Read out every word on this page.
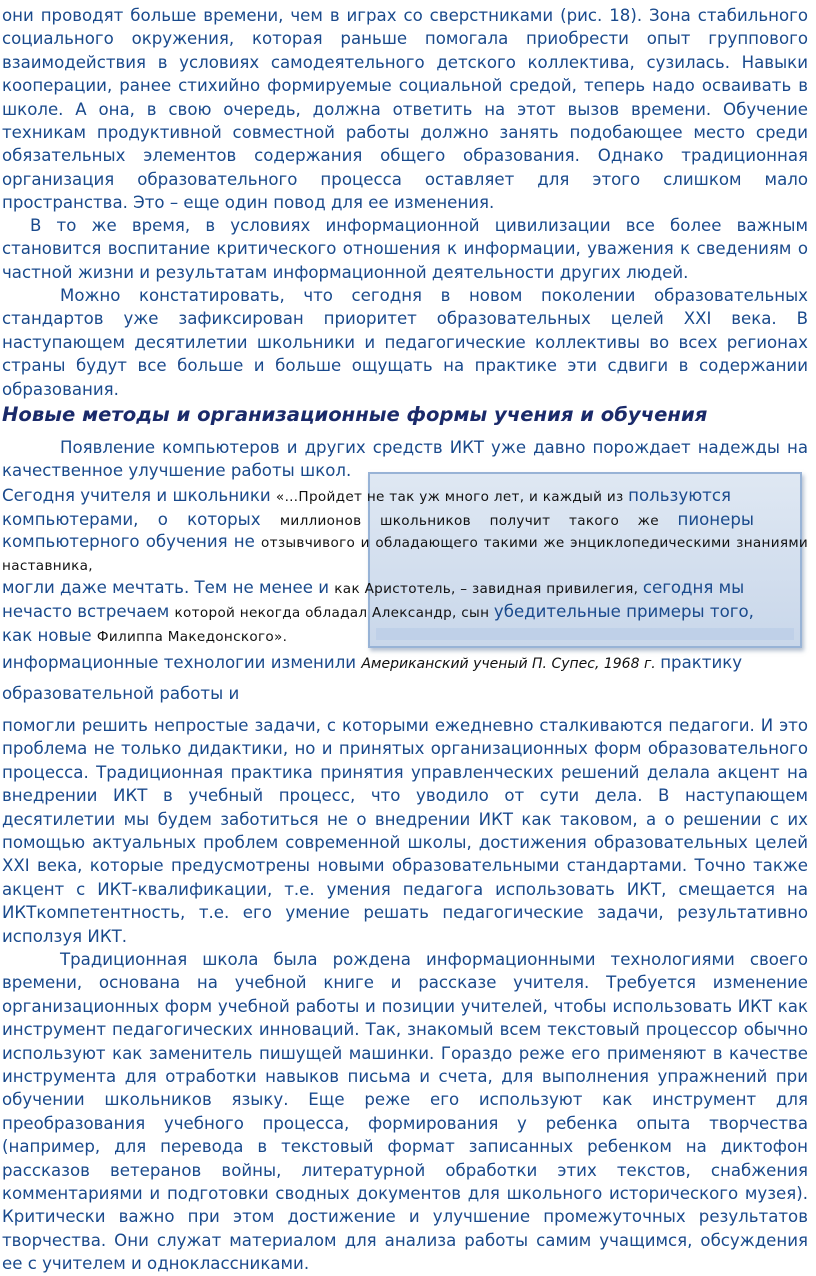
они проводят больше времени, чем в играх со сверстниками (рис. 18). Зона стабильного социального окружения, которая раньше помогала приобрести опыт группового взаимодействия в условиях самодеятельного детского коллектива, сузилась. Навыки кооперации, ранее стихийно формируемые социальной средой, теперь надо осваивать в школе. А она, в свою очередь, должна ответить на этот вызов времени. Обучение техникам продуктивной совместной работы должно занять подобающее место среди обязательных элементов содержания общего образования. Однако традиционная организация образовательного процесса оставляет для этого слишком мало пространства. Это – еще один повод для ее изменения.

В то же время, в условиях информационной цивилизации все более важным становится воспитание критического отношения к информации, уважения к сведениям о частной жизни и результатам информационной деятельности других людей.

Можно констатировать, что сегодня в новом поколении образовательных стандартов уже зафиксирован приоритет образовательных целей XXI века. В наступающем десятилетии школьники и педагогические коллективы во всех регионах страны будут все больше и больше ощущать на практике эти сдвиги в содержании образования.

Новые методы и организационные формы учения и обучения

Появление компьютеров и других средств ИКТ уже давно порождает надежды на качественное улучшение работы школ.

Сегодня учителя и школьники «…Пройдет не так уж много лет, и каждый из пользуются

компьютерами, о которых миллионов школьников получит такого же пионеры

компьютерного обучения не отзывчивого и обладающего такими же энциклопедическими знаниями наставника,

могли даже мечтать. Тем не менее и как Аристотель, – завидная привилегия, сегодня мы

нечасто встречаем которой некогда обладал Александр, сын убедительные примеры того,

как новые Филиппа Македонского».

информационные технологии изменили Американский ученый П. Супес, 1968 г. практику

образовательной работы и

помогли решить непростые задачи, с которыми ежедневно сталкиваются педагоги. И это проблема не только дидактики, но и принятых организационных форм образовательного процесса. Традиционная практика принятия управленческих решений делала акцент на внедрении ИКТ в учебный процесс, что уводило от сути дела. В наступающем десятилетии мы будем заботиться не о внедрении ИКТ как таковом, а о решении с их помощью актуальных проблем современной школы, достижения образовательных целей XXI века, которые предусмотрены новыми образовательными стандартами. Точно также акцент с ИКТ-квалификации, т.е. умения педагога использовать ИКТ, смещается на ИКТкомпетентность, т.е. его умение решать педагогические задачи, результативно исползуя ИКТ.

Традиционная школа была рождена информационными технологиями своего времени, основана на учебной книге и рассказе учителя. Требуется изменение организационных форм учебной работы и позиции учителей, чтобы использовать ИКТ как инструмент педагогических инноваций. Так, знакомый всем текстовый процессор обычно используют как заменитель пишущей машинки. Гораздо реже его применяют в качестве инструмента для отработки навыков письма и счета, для выполнения упражнений при обучении школьников языку. Еще реже его используют как инструмент для преобразования учебного процесса, формирования у ребенка опыта творчества (например, для перевода в текстовый формат записанных ребенком на диктофон рассказов ветеранов войны, литературной обработки этих текстов, снабжения комментариями и подготовки сводных документов для школьного исторического музея). Критически важно при этом достижение и улучшение промежуточных результатов творчества. Они служат материалом для анализа работы самим учащимся, обсуждения ее с учителем и одноклассниками.
